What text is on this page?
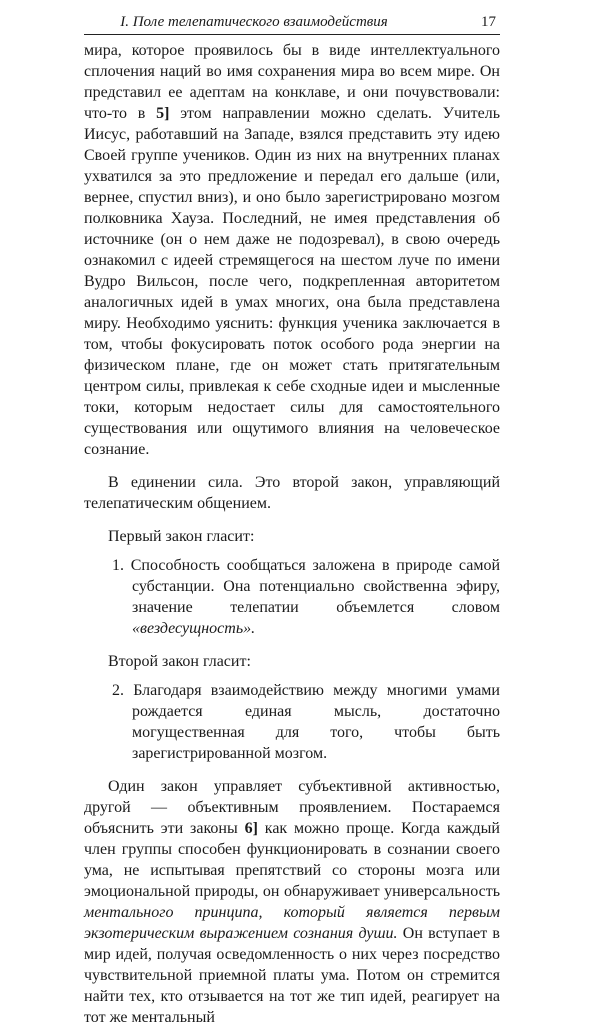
I. Поле телепатического взаимодействия	17

мира, которое проявилось бы в виде интеллектуального сплочения наций во имя сохранения мира во всем мире. Он представил ее адептам на конклаве, и они почувствовали: что-то в 5] этом направлении можно сделать. Учитель Иисус, работавший на Западе, взялся представить эту идею Своей группе учеников. Один из них на внутренних планах ухватился за это предложение и передал его дальше (или, вернее, спустил вниз), и оно было зарегистрировано мозгом полковника Хауза. Последний, не имея представления об источнике (он о нем даже не подозревал), в свою очередь ознакомил с идеей стремящегося на шестом луче по имени Вудро Вильсон, после чего, подкрепленная авторитетом аналогичных идей в умах многих, она была представлена миру. Необходимо уяснить: функция ученика заключается в том, чтобы фокусировать поток особого рода энергии на физическом плане, где он может стать притягательным центром силы, привлекая к себе сходные идеи и мысленные токи, которым недостает силы для самостоятельного существования или ощутимого влияния на человеческое сознание.

В единении сила. Это второй закон, управляющий телепатическим общением.

Первый закон гласит:

1. Способность сообщаться заложена в природе самой субстанции. Она потенциально свойственна эфиру, значение телепатии объемлется словом «вездесущность».

Второй закон гласит:

2. Благодаря взаимодействию между многими умами рождается единая мысль, достаточно могущественная для того, чтобы быть зарегистрированной мозгом.

Один закон управляет субъективной активностью, другой — объективным проявлением. Постараемся объяснить эти законы 6] как можно проще. Когда каждый член группы способен функционировать в сознании своего ума, не испытывая препятствий со стороны мозга или эмоциональной природы, он обнаруживает универсальность ментального принципа, который является первым экзотерическим выражением сознания души. Он вступает в мир идей, получая осведомленность о них через посредство чувствительной приемной платы ума. Потом он стремится найти тех, кто отзывается на тот же тип идей, реагирует на тот же ментальный
